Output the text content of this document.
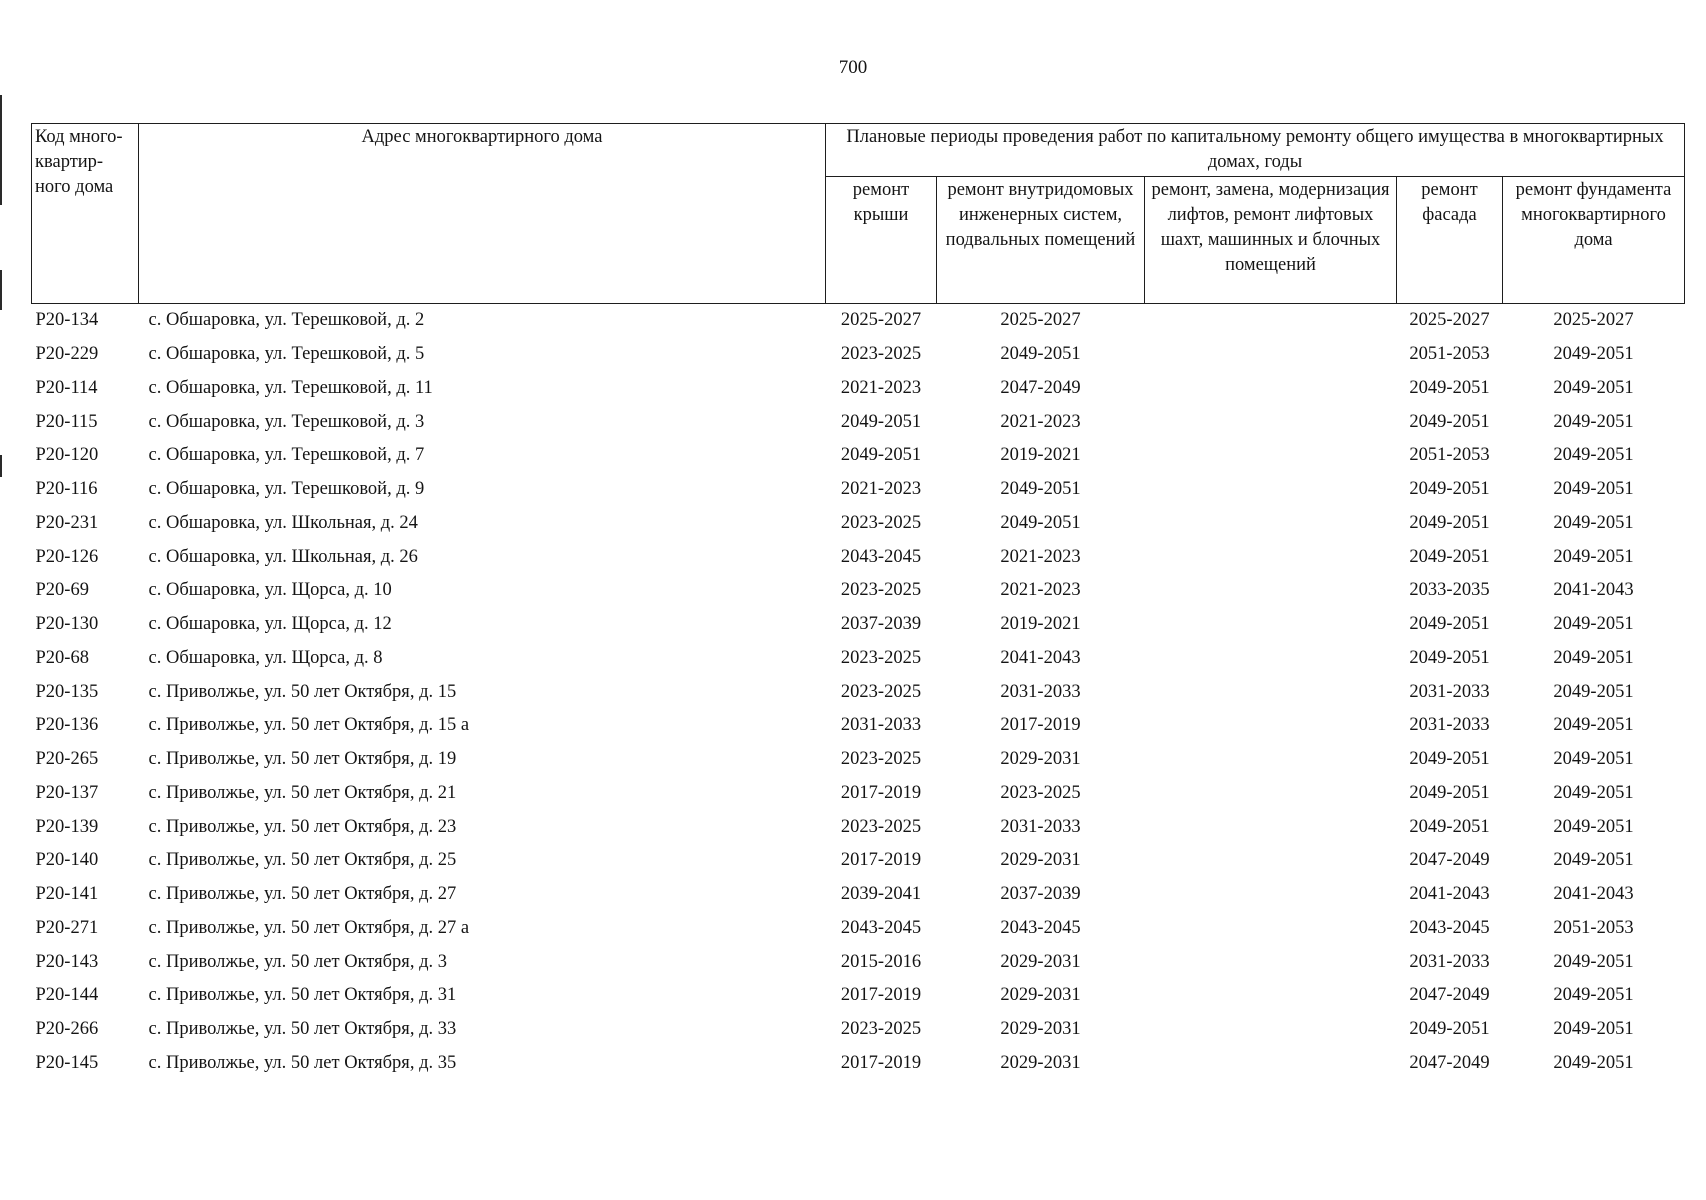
700
Код много-квартир-ного дома	Адрес многоквартирного дома	Плановые периоды проведения работ по капитальному ремонту общего имущества в многоквартирных домах, годы				
		ремонт крыши	ремонт внутридомовых инженерных систем, подвальных помещений	ремонт, замена, модернизация лифтов, ремонт лифтовых шахт, машинных и блочных помещений	ремонт фасада	ремонт фундамента многоквартирного дома
P20-134	с. Обшаровка, ул. Терешковой, д. 2	2025-2027	2025-2027		2025-2027	2025-2027
P20-229	с. Обшаровка, ул. Терешковой, д. 5	2023-2025	2049-2051		2051-2053	2049-2051
P20-114	с. Обшаровка, ул. Терешковой, д. 11	2021-2023	2047-2049		2049-2051	2049-2051
P20-115	с. Обшаровка, ул. Терешковой, д. 3	2049-2051	2021-2023		2049-2051	2049-2051
P20-120	с. Обшаровка, ул. Терешковой, д. 7	2049-2051	2019-2021		2051-2053	2049-2051
P20-116	с. Обшаровка, ул. Терешковой, д. 9	2021-2023	2049-2051		2049-2051	2049-2051
P20-231	с. Обшаровка, ул. Школьная, д. 24	2023-2025	2049-2051		2049-2051	2049-2051
P20-126	с. Обшаровка, ул. Школьная, д. 26	2043-2045	2021-2023		2049-2051	2049-2051
P20-69	с. Обшаровка, ул. Щорса, д. 10	2023-2025	2021-2023		2033-2035	2041-2043
P20-130	с. Обшаровка, ул. Щорса, д. 12	2037-2039	2019-2021		2049-2051	2049-2051
P20-68	с. Обшаровка, ул. Щорса, д. 8	2023-2025	2041-2043		2049-2051	2049-2051
P20-135	с. Приволжье, ул. 50 лет Октября, д. 15	2023-2025	2031-2033		2031-2033	2049-2051
P20-136	с. Приволжье, ул. 50 лет Октября, д. 15 а	2031-2033	2017-2019		2031-2033	2049-2051
P20-265	с. Приволжье, ул. 50 лет Октября, д. 19	2023-2025	2029-2031		2049-2051	2049-2051
P20-137	с. Приволжье, ул. 50 лет Октября, д. 21	2017-2019	2023-2025		2049-2051	2049-2051
P20-139	с. Приволжье, ул. 50 лет Октября, д. 23	2023-2025	2031-2033		2049-2051	2049-2051
P20-140	с. Приволжье, ул. 50 лет Октября, д. 25	2017-2019	2029-2031		2047-2049	2049-2051
P20-141	с. Приволжье, ул. 50 лет Октября, д. 27	2039-2041	2037-2039		2041-2043	2041-2043
P20-271	с. Приволжье, ул. 50 лет Октября, д. 27 а	2043-2045	2043-2045		2043-2045	2051-2053
P20-143	с. Приволжье, ул. 50 лет Октября, д. 3	2015-2016	2029-2031		2031-2033	2049-2051
P20-144	с. Приволжье, ул. 50 лет Октября, д. 31	2017-2019	2029-2031		2047-2049	2049-2051
P20-266	с. Приволжье, ул. 50 лет Октября, д. 33	2023-2025	2029-2031		2049-2051	2049-2051
P20-145	с. Приволжье, ул. 50 лет Октября, д. 35	2017-2019	2029-2031		2047-2049	2049-2051
